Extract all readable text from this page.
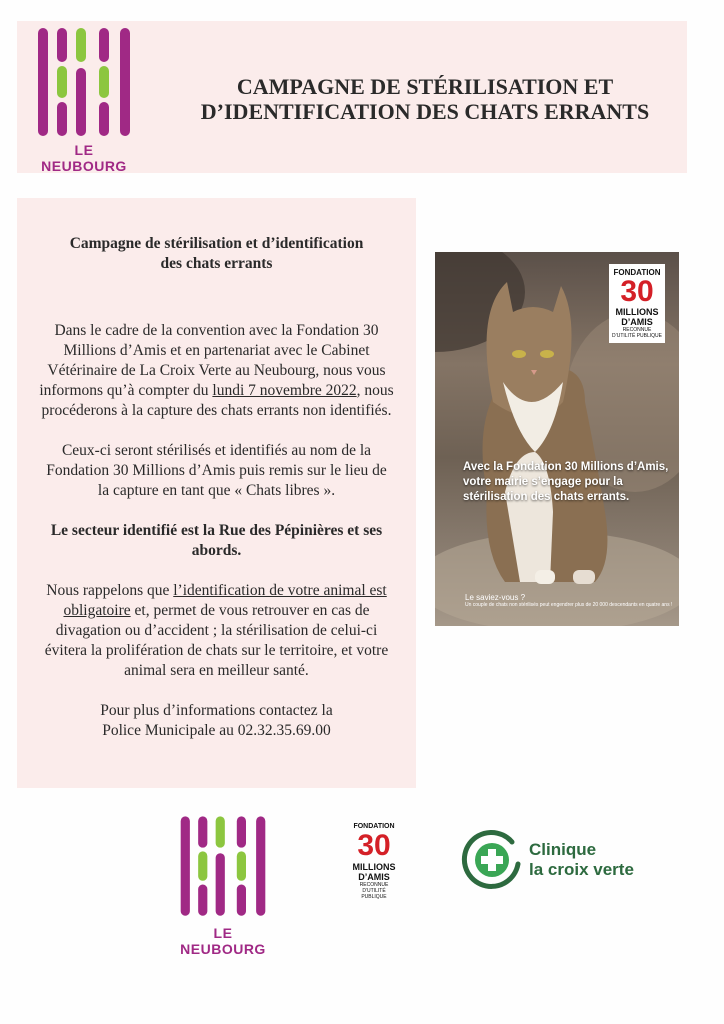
LE NEUBOURG
CAMPAGNE DE STÉRILISATION ET
D’IDENTIFICATION DES CHATS ERRANTS

Campagne de stérilisation et d’identification
des chats errants

Dans le cadre de la convention avec la Fondation 30 Millions d’Amis et en partenariat avec le Cabinet Vétérinaire de La Croix Verte au Neubourg, nous vous informons qu’à compter du lundi 7 novembre 2022, nous procéderons à la capture des chats errants non identifiés.

Ceux-ci seront stérilisés et identifiés au nom de la Fondation 30 Millions d’Amis puis remis sur le lieu de la capture en tant que « Chats libres ».

Le secteur identifié est la Rue des Pépinières et ses abords.

Nous rappelons que l’identification de votre animal est obligatoire et, permet de vous retrouver en cas de divagation ou d’accident ; la stérilisation de celui-ci évitera la prolifération de chats sur le territoire, et votre animal sera en meilleur santé.

Pour plus d’informations contactez la
Police Municipale au 02.32.35.69.00

FONDATION
30
MILLIONS
D’AMIS
RECONNUE
D’UTILITÉ PUBLIQUE
Avec la Fondation 30 Millions d’Amis, votre mairie s’engage pour la stérilisation des chats errants.
Le saviez-vous ?
Un couple de chats non stérilisés peut engendrer plus de 20 000 descendants en quatre ans !
LE NEUBOURG
FONDATION
30
MILLIONS
D’AMIS
RECONNUE
D’UTILITÉ PUBLIQUE
Clinique
la croix verte
